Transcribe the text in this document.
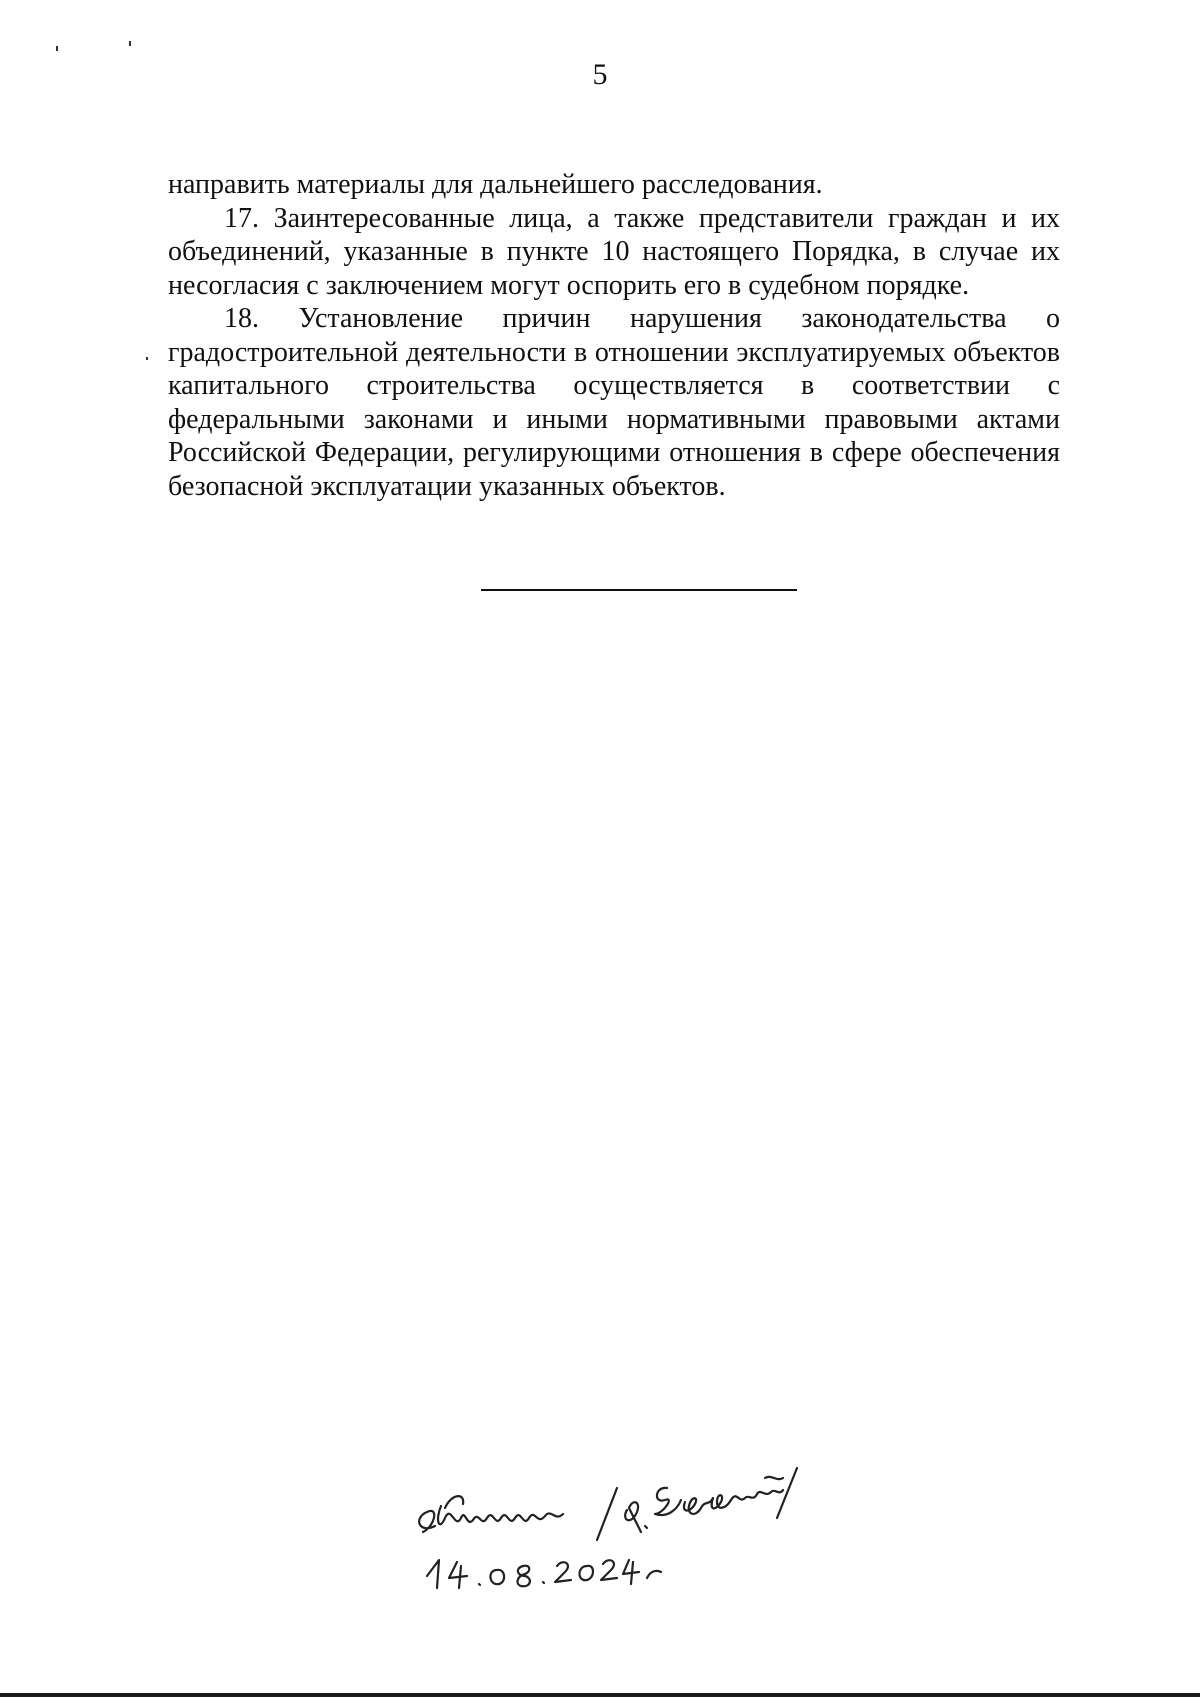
5

направить материалы для дальнейшего расследования.

17. Заинтересованные лица, а также представители граждан и их объединений, указанные в пункте 10 настоящего Порядка, в случае их несогласия с заключением могут оспорить его в судебном порядке.

18. Установление причин нарушения законодательства о градостроительной деятельности в отношении эксплуатируемых объектов капитального строительства осуществляется в соответствии с федеральными законами и иными нормативными правовыми актами Российской Федерации, регулирующими отношения в сфере обеспечения безопасной эксплуатации указанных объектов.
